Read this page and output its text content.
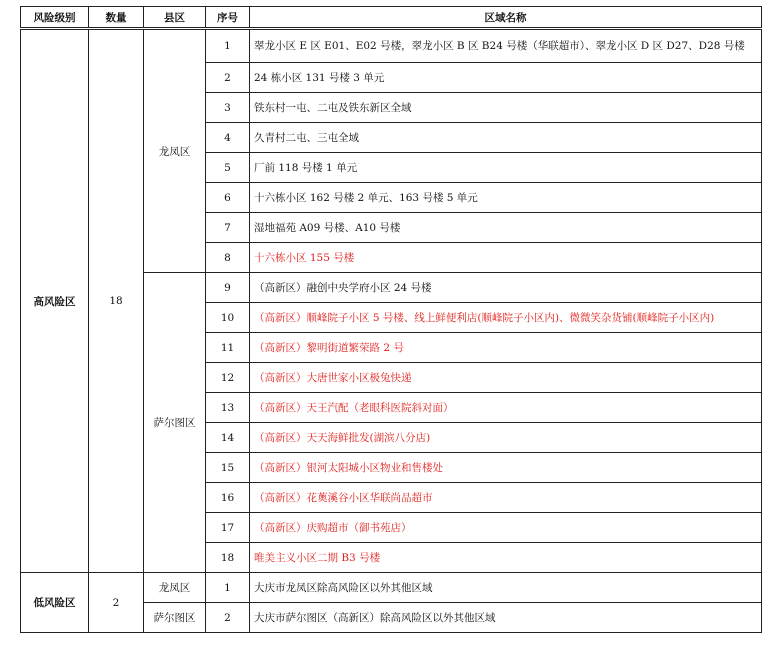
风险级别	数量	县区	序号	区域名称
高风险区	18	龙凤区	1	翠龙小区 E 区 E01、E02 号楼，翠龙小区 B 区 B24 号楼（华联超市）、翠龙小区 D 区 D27、D28 号楼
			2	24 栋小区 131 号楼 3 单元
			3	铁东村一屯、二屯及铁东新区全域
			4	久青村二屯、三屯全域
			5	厂前 118 号楼 1 单元
			6	十六栋小区 162 号楼 2 单元、163 号楼 5 单元
			7	湿地福苑 A09 号楼、A10 号楼
			8	十六栋小区 155 号楼
		萨尔图区	9	（高新区）融创中央学府小区 24 号楼
			10	（高新区）顺峰院子小区 5 号楼、线上鲜便利店(顺峰院子小区内)、微微笑杂货铺(顺峰院子小区内)
			11	（高新区）黎明街道繁荣路 2 号
			12	（高新区）大唐世家小区极兔快递
			13	（高新区）天王汽配（老眼科医院斜对面）
			14	（高新区）天天海鲜批发(湖滨八分店)
			15	（高新区）银河太阳城小区物业和售楼处
			16	（高新区）花薁溪谷小区华联尚品超市
			17	（高新区）庆购超市（御书苑店）
			18	唯美主义小区二期 B3 号楼
低风险区	2	龙凤区	1	大庆市龙凤区除高风险区以外其他区域
		萨尔图区	2	大庆市萨尔图区（高新区）除高风险区以外其他区域
